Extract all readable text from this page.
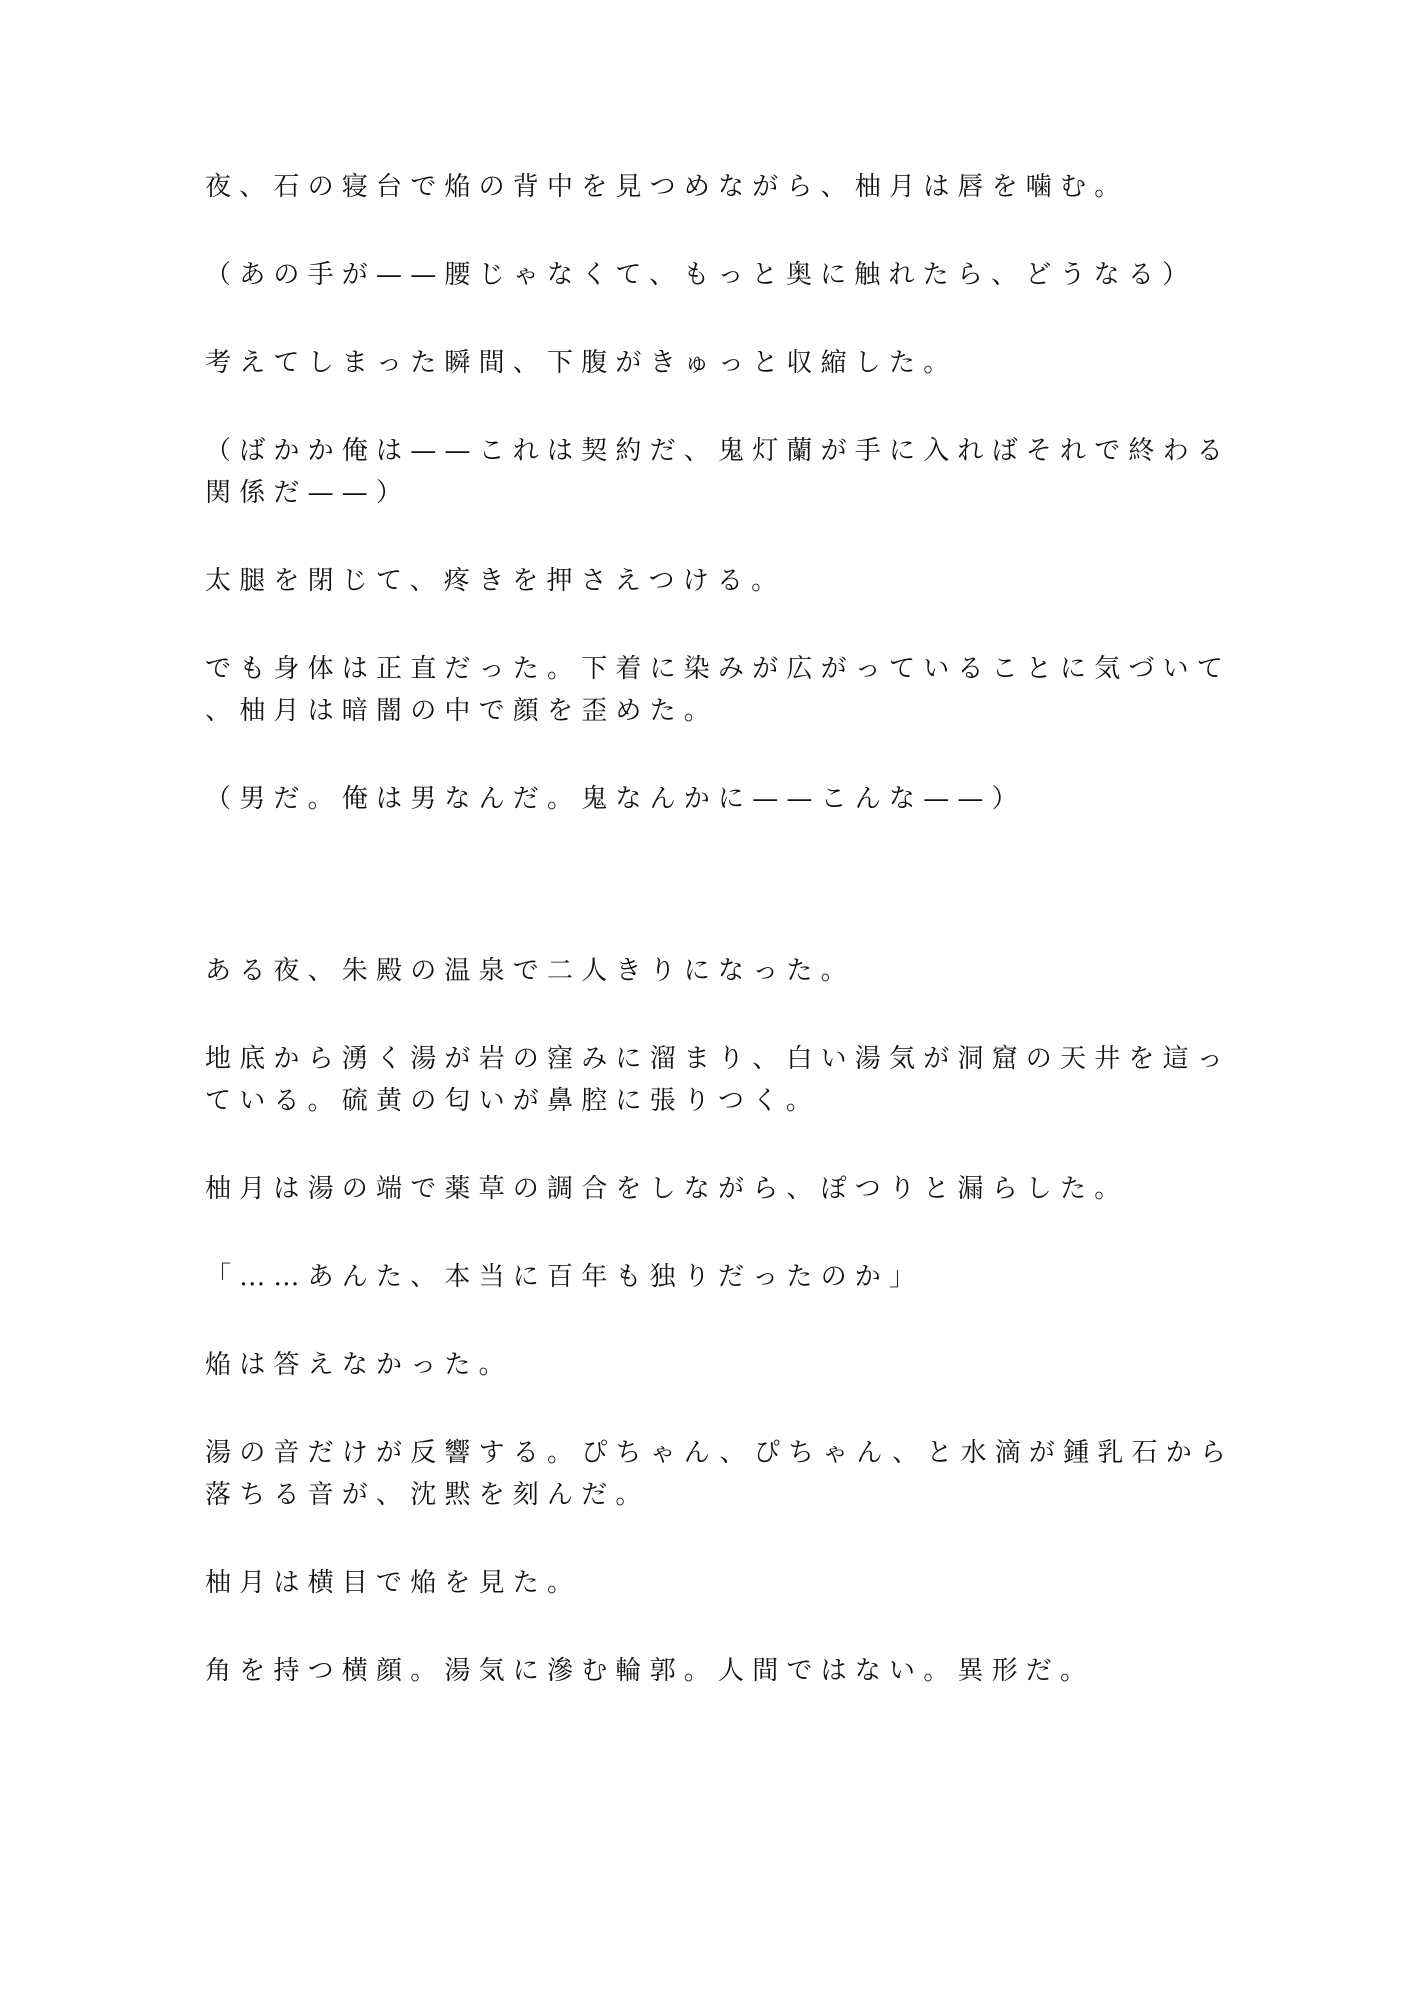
夜、石の寝台で焔の背中を見つめながら、柚月は唇を噛む。

（あの手が——腰じゃなくて、もっと奥に触れたら、どうなる）

考えてしまった瞬間、下腹がきゅっと収縮した。

（ばかか俺は——これは契約だ、鬼灯蘭が手に入ればそれで終わる
関係だ——）

太腿を閉じて、疼きを押さえつける。

でも身体は正直だった。下着に染みが広がっていることに気づいて
、柚月は暗闇の中で顔を歪めた。

（男だ。俺は男なんだ。鬼なんかに——こんな——）

ある夜、朱殿の温泉で二人きりになった。

地底から湧く湯が岩の窪みに溜まり、白い湯気が洞窟の天井を這っ
ている。硫黄の匂いが鼻腔に張りつく。

柚月は湯の端で薬草の調合をしながら、ぽつりと漏らした。

「……あんた、本当に百年も独りだったのか」

焔は答えなかった。

湯の音だけが反響する。ぴちゃん、ぴちゃん、と水滴が鍾乳石から
落ちる音が、沈黙を刻んだ。

柚月は横目で焔を見た。

角を持つ横顔。湯気に滲む輪郭。人間ではない。異形だ。
